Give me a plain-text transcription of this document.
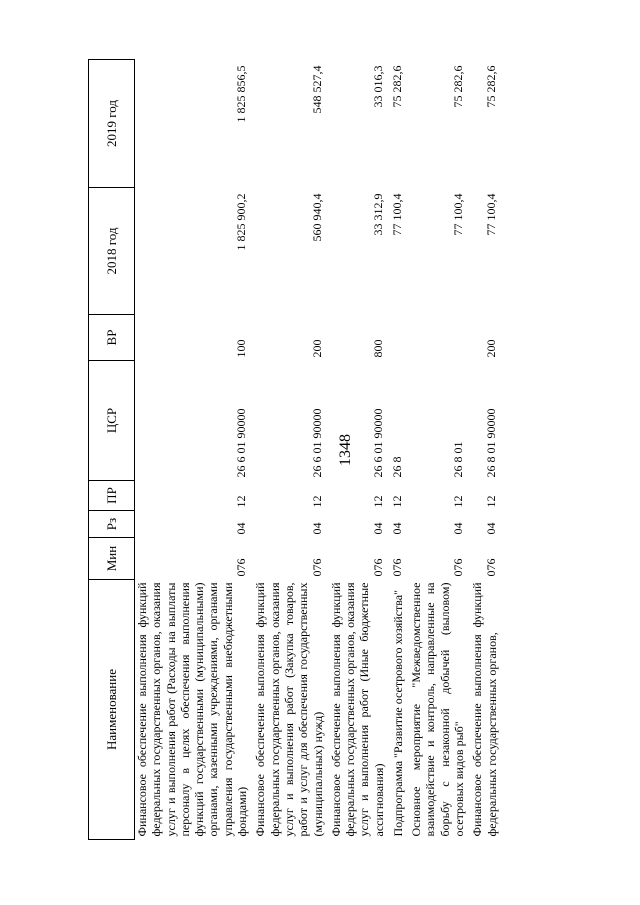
1348
Наименование	Мин	Рз	ПР	ЦСР	ВР	2018 год	2019 год
Финансовое обеспечение выполнения функций федеральных государственных органов, оказания услуг и выполнения работ (Расходы на выплаты персоналу в целях обеспечения выполнения функций государственными (муниципальными) органами, казенными учреждениями, органами управления государственными внебюджетными фондами)	076	04	12	26 6 01 90000	100	1 825 900,2	1 825 856,5
Финансовое обеспечение выполнения функций федеральных государственных органов, оказания услуг и выполнения работ (Закупка товаров, работ и услуг для обеспечения государственных (муниципальных) нужд)	076	04	12	26 6 01 90000	200	560 940,4	548 527,4
Финансовое обеспечение выполнения функций федеральных государственных органов, оказания услуг и выполнения работ (Иные бюджетные ассигнования)	076	04	12	26 6 01 90000	800	33 312,9	33 016,3
Подпрограмма "Развитие осетрового хозяйства"	076	04	12	26 8		77 100,4	75 282,6
Основное мероприятие "Межведомственное взаимодействие и контроль, направленные на борьбу с незаконной добычей (выловом) осетровых видов рыб"	076	04	12	26 8 01		77 100,4	75 282,6
Финансовое обеспечение выполнения функций федеральных государственных органов,	076	04	12	26 8 01 90000	200	77 100,4	75 282,6
